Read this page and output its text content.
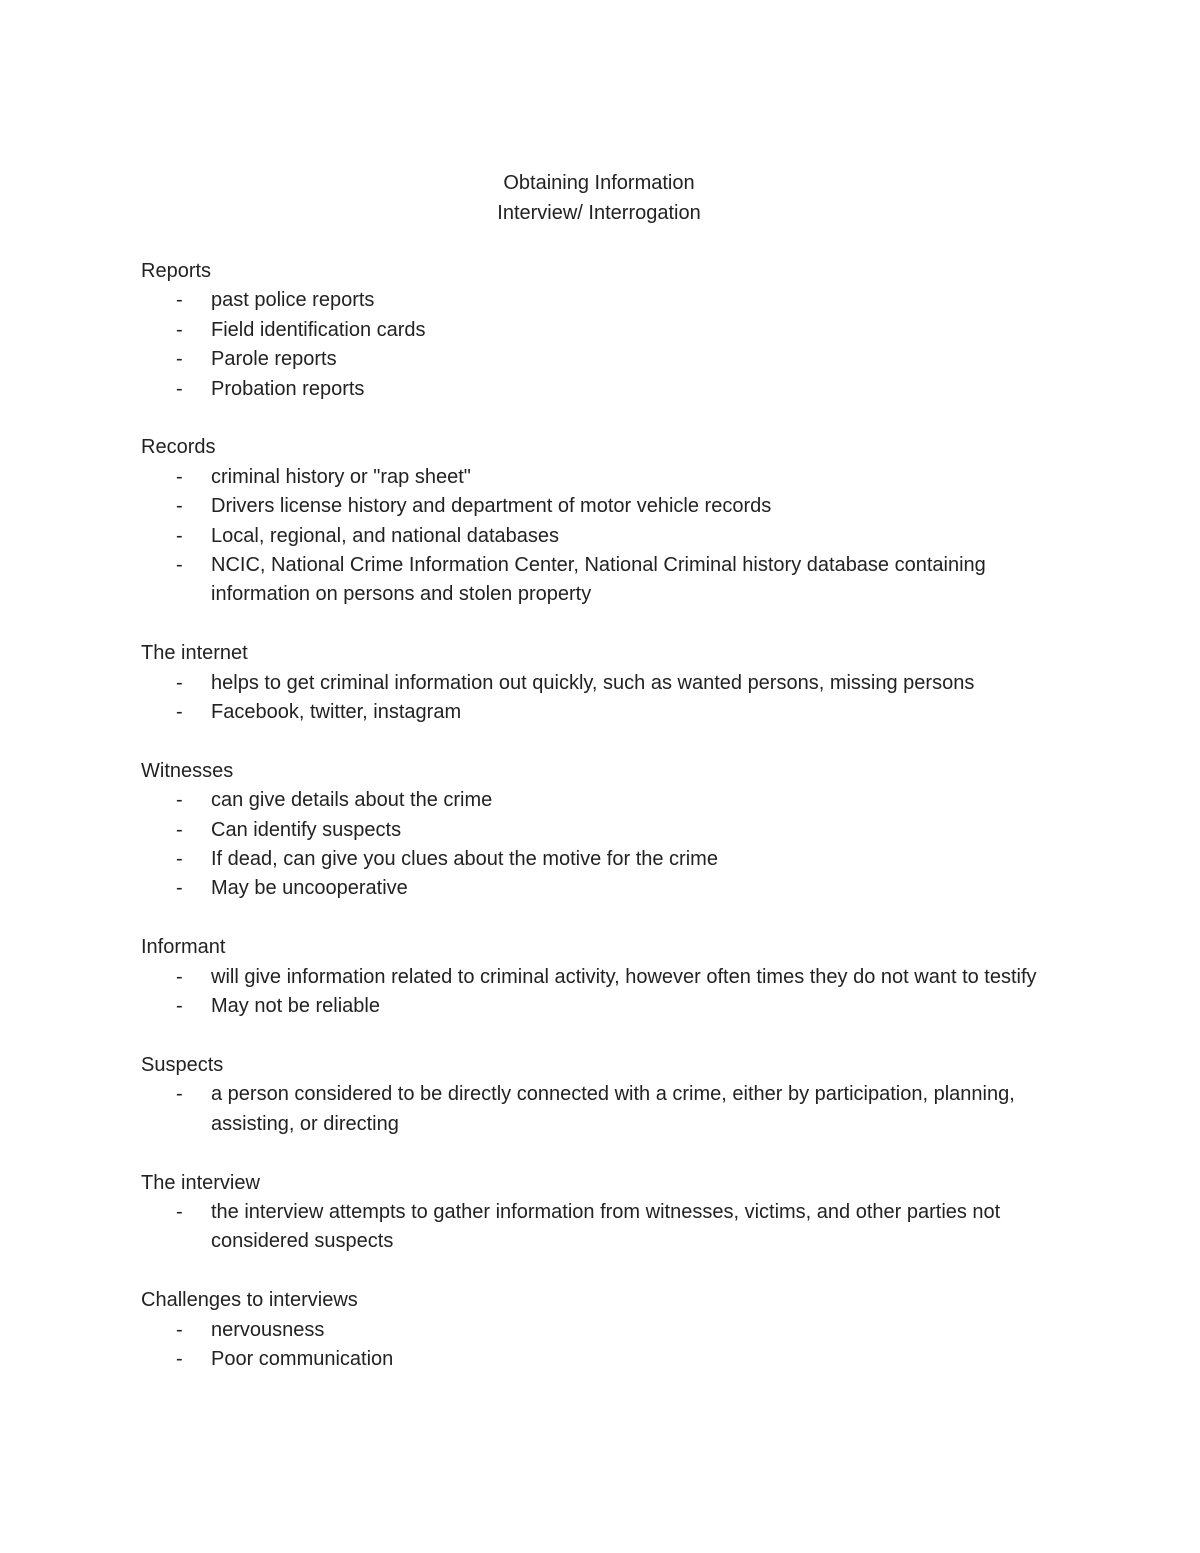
Obtaining Information
Interview/ Interrogation
Reports
- past police reports
- Field identification cards
- Parole reports
- Probation reports
Records
- criminal history or "rap sheet"
- Drivers license history and department of motor vehicle records
- Local, regional, and national databases
- NCIC, National Crime Information Center, National Criminal history database containing information on persons and stolen property
The internet
- helps to get criminal information out quickly, such as wanted persons, missing persons
- Facebook, twitter, instagram
Witnesses
- can give details about the crime
- Can identify suspects
- If dead, can give you clues about the motive for the crime
- May be uncooperative
Informant
- will give information related to criminal activity, however often times they do not want to testify
- May not be reliable
Suspects
- a person considered to be directly connected with a crime, either by participation, planning, assisting, or directing
The interview
- the interview attempts to gather information from witnesses, victims, and other parties not considered suspects
Challenges to interviews
- nervousness
- Poor communication
